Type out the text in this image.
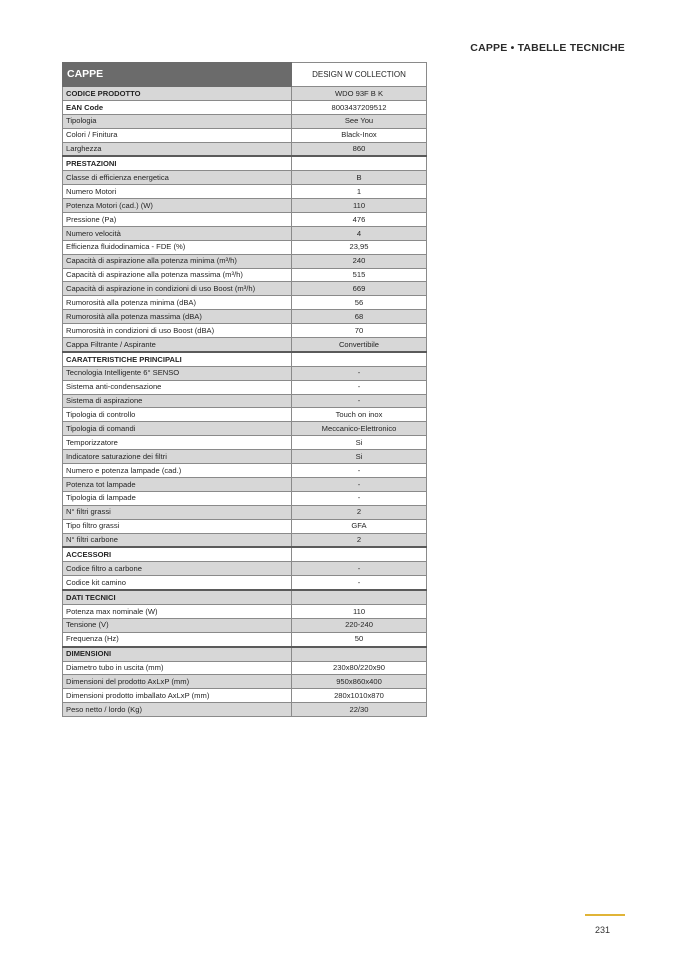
CAPPE • TABELLE TECNICHE
CAPPE	DESIGN W COLLECTION
CODICE PRODOTTO	WDO 93F B K
EAN Code	8003437209512
Tipologia	See You
Colori / Finitura	Black-Inox
Larghezza	860
PRESTAZIONI	
Classe di efficienza energetica	B
Numero Motori	1
Potenza Motori (cad.) (W)	110
Pressione (Pa)	476
Numero velocità	4
Efficienza fluidodinamica - FDE (%)	23,95
Capacità di aspirazione alla potenza minima (m³/h)	240
Capacità di aspirazione alla potenza massima (m³/h)	515
Capacità di aspirazione in condizioni di uso Boost (m³/h)	669
Rumorosità alla potenza minima (dBA)	56
Rumorosità alla potenza massima (dBA)	68
Rumorosità in condizioni di uso Boost (dBA)	70
Cappa Filtrante / Aspirante	Convertibile
CARATTERISTICHE PRINCIPALI	
Tecnologia Intelligente 6° SENSO	-
Sistema anti-condensazione	-
Sistema di aspirazione	-
Tipologia di controllo	Touch on inox
Tipologia di comandi	Meccanico-Elettronico
Temporizzatore	Si
Indicatore saturazione dei filtri	Si
Numero e potenza lampade (cad.)	-
Potenza tot lampade	-
Tipologia di lampade	-
N° filtri grassi	2
Tipo filtro grassi	GFA
N° filtri carbone	2
ACCESSORI	
Codice filtro a carbone	-
Codice kit camino	-
DATI TECNICI	
Potenza max nominale (W)	110
Tensione (V)	220-240
Frequenza (Hz)	50
DIMENSIONI	
Diametro tubo in uscita (mm)	230x80/220x90
Dimensioni del prodotto AxLxP (mm)	950x860x400
Dimensioni prodotto imballato AxLxP (mm)	280x1010x870
Peso netto / lordo (Kg)	22/30
231
